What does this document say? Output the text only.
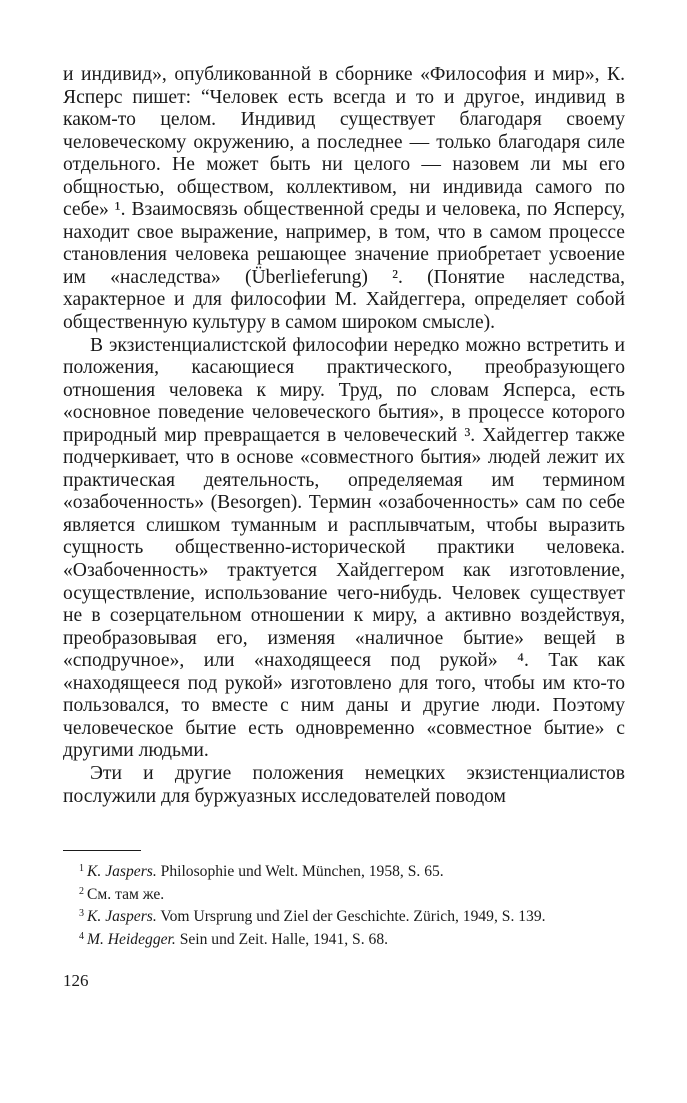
и индивид», опубликованной в сборнике «Философия и мир», К. Ясперс пишет: “Человек есть всегда и то и другое, индивид в каком-то целом. Индивид существует благодаря своему человеческому окружению, а последнее — только благодаря силе отдельного. Не может быть ни целого — назовем ли мы его общностью, обществом, коллективом, ни индивида самого по себе» ¹. Взаимосвязь общественной среды и человека, по Ясперсу, находит свое выражение, например, в том, что в самом процессе становления человека решающее значение приобретает усвоение им «наследства» (Überlieferung) ². (Понятие наследства, характерное и для философии М. Хайдеггера, определяет собой общественную культуру в самом широком смысле).

В экзистенциалистской философии нередко можно встретить и положения, касающиеся практического, преобразующего отношения человека к миру. Труд, по словам Ясперса, есть «основное поведение человеческого бытия», в процессе которого природный мир превращается в человеческий ³. Хайдеггер также подчеркивает, что в основе «совместного бытия» людей лежит их практическая деятельность, определяемая им термином «озабоченность» (Besorgen). Термин «озабоченность» сам по себе является слишком туманным и расплывчатым, чтобы выразить сущность общественно-исторической практики человека. «Озабоченность» трактуется Хайдеггером как изготовление, осуществление, использование чего-нибудь. Человек существует не в созерцательном отношении к миру, а активно воздействуя, преобразовывая его, изменяя «наличное бытие» вещей в «сподручное», или «находящееся под рукой» ⁴. Так как «находящееся под рукой» изготовлено для того, чтобы им кто-то пользовался, то вместе с ним даны и другие люди. Поэтому человеческое бытие есть одновременно «совместное бытие» с другими людьми.

Эти и другие положения немецких экзистенциалистов послужили для буржуазных исследователей поводом

$^1$ K. Jaspers. Philosophie und Welt. München, 1958, S. 65.

$^2$ См. там же.

$^3$ K. Jaspers. Vom Ursprung und Ziel der Geschichte. Zürich, 1949, S. 139.

$^4$ M. Heidegger. Sein und Zeit. Halle, 1941, S. 68.

126
